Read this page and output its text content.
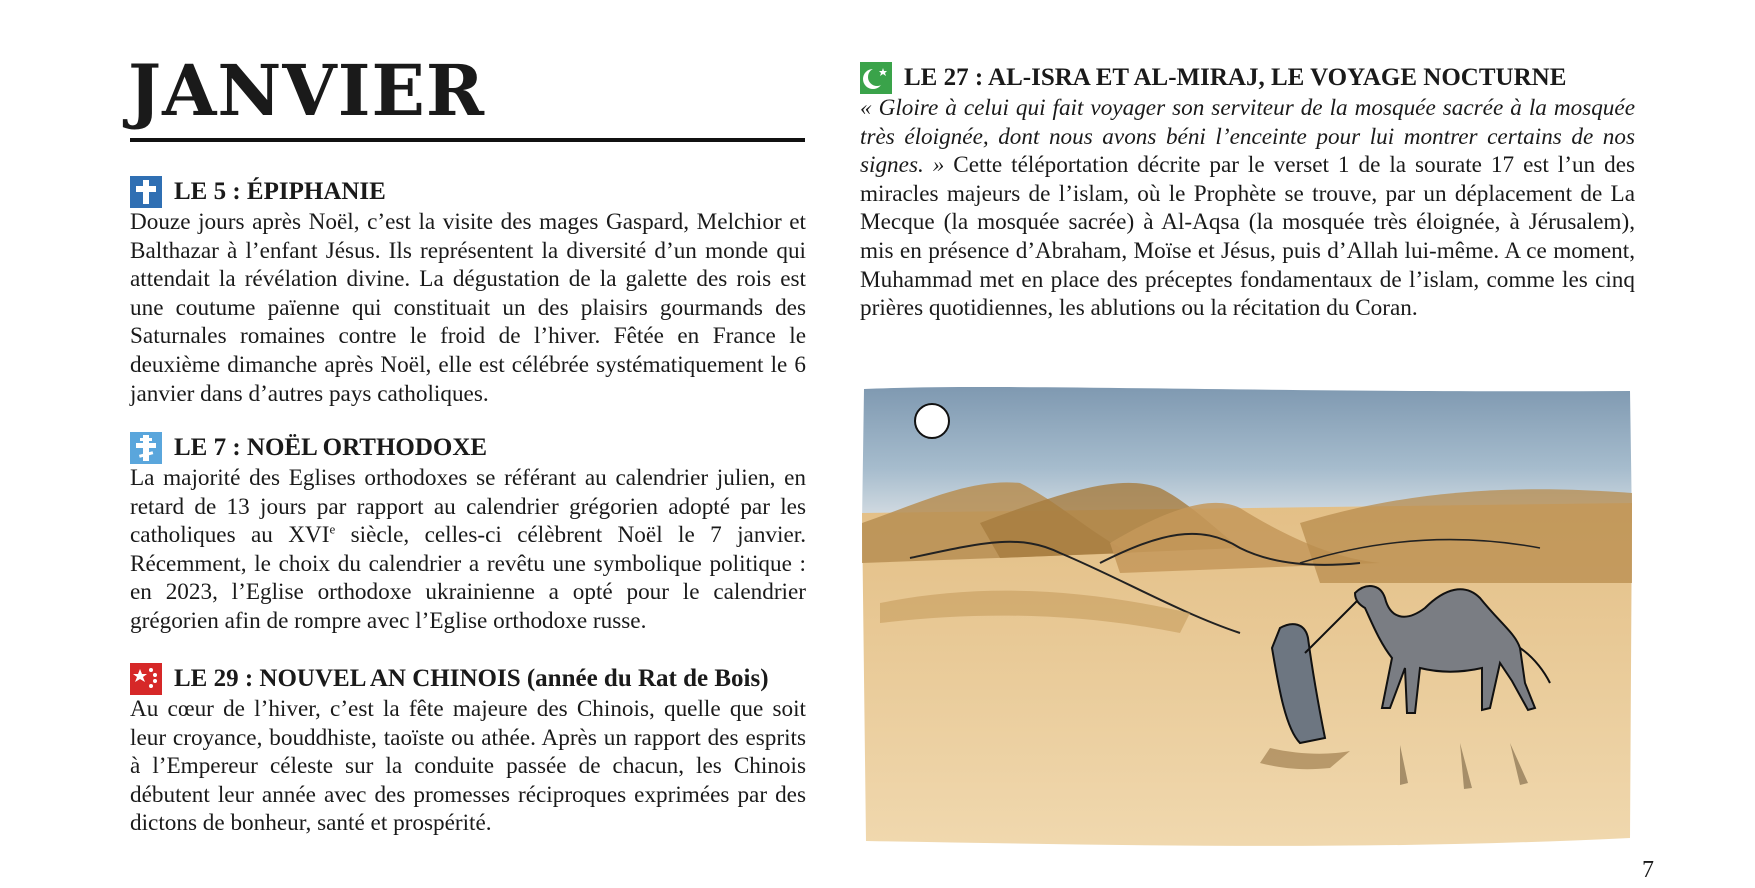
JANVIER
LE 5 : ÉPIPHANIE

Douze jours après Noël, c’est la visite des mages Gaspard, Melchior et Balthazar à l’enfant Jésus. Ils représentent la diversité d’un monde qui attendait la révélation divine. La dégustation de la galette des rois est une coutume païenne qui constituait un des plaisirs gourmands des Saturnales romaines contre le froid de l’hiver. Fêtée en France le deuxième dimanche après Noël, elle est célébrée systématiquement le 6 janvier dans d’autres pays catholiques.

LE 7 : NOËL ORTHODOXE

La majorité des Eglises orthodoxes se référant au calendrier julien, en retard de 13 jours par rapport au calendrier grégorien adopté par les catholiques au XVIe siècle, celles-ci célèbrent Noël le 7 janvier. Récemment, le choix du calendrier a revêtu une symbolique politique : en 2023, l’Eglise orthodoxe ukrainienne a opté pour le calendrier grégorien afin de rompre avec l’Eglise orthodoxe russe.

LE 29 : NOUVEL AN CHINOIS (année du Rat de Bois)

Au cœur de l’hiver, c’est la fête majeure des Chinois, quelle que soit leur croyance, bouddhiste, taoïste ou athée. Après un rapport des esprits à l’Empereur céleste sur la conduite passée de chacun, les Chinois débutent leur année avec des promesses réciproques exprimées par des dictons de bonheur, santé et prospérité.

LE 27 : AL-ISRA ET AL-MIRAJ, LE VOYAGE NOCTURNE

« Gloire à celui qui fait voyager son serviteur de la mosquée sacrée à la mosquée très éloignée, dont nous avons béni l’enceinte pour lui montrer certains de nos signes. » Cette téléportation décrite par le verset 1 de la sourate 17 est l’un des miracles majeurs de l’islam, où le Prophète se trouve, par un déplacement de La Mecque (la mosquée sacrée) à Al-Aqsa (la mosquée très éloignée, à Jérusalem), mis en présence d’Abraham, Moïse et Jésus, puis d’Allah lui-même. A ce moment, Muhammad met en place des préceptes fondamentaux de l’islam, comme les cinq prières quotidiennes, les ablutions ou la récitation du Coran.

7
